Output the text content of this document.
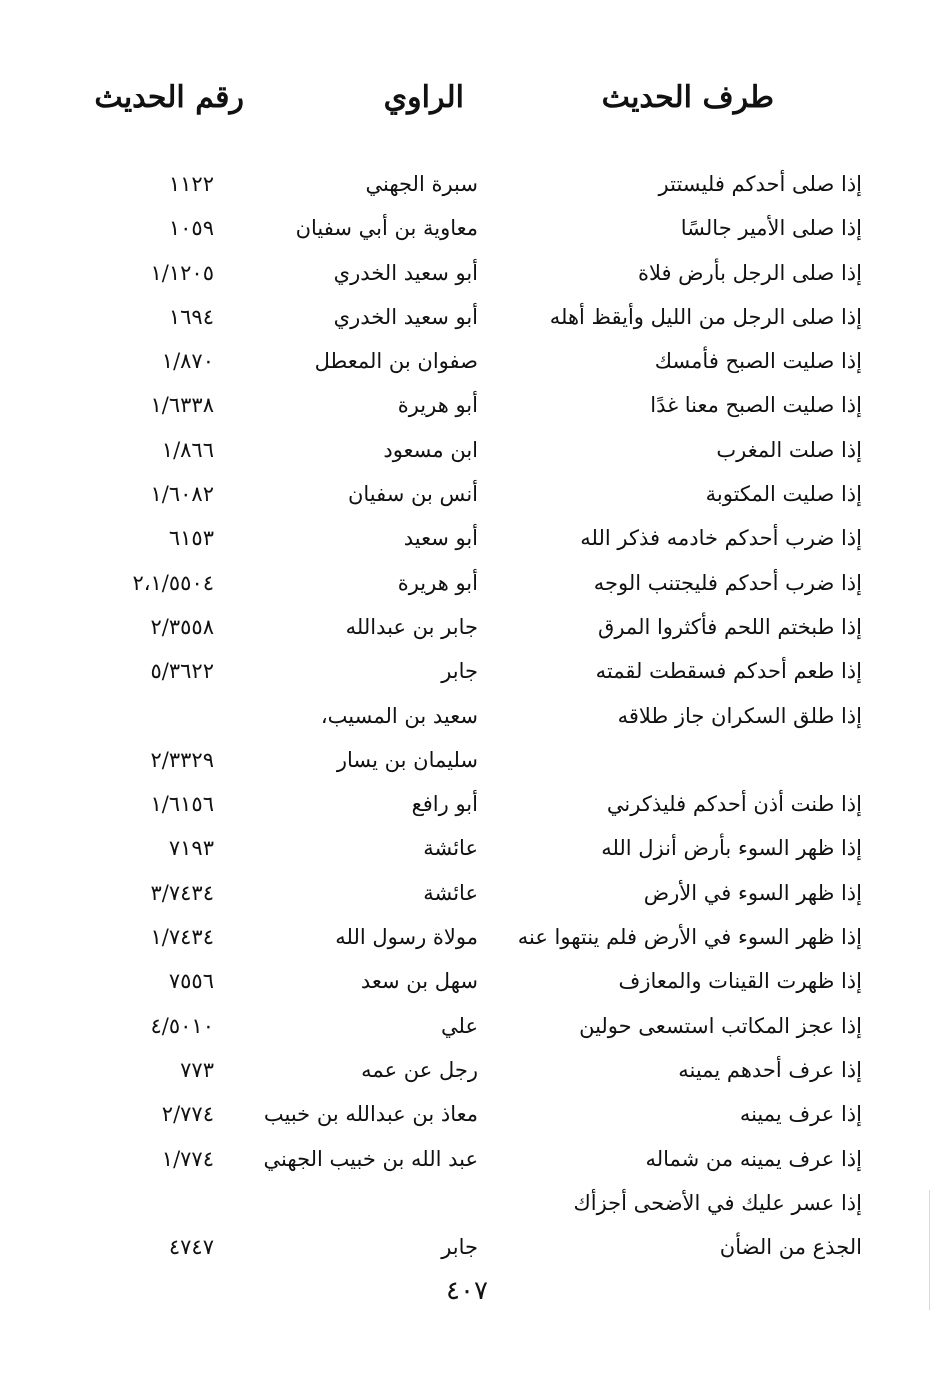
طرف الحديث
الراوي
رقم الحديث
إذا صلى أحدكم فليستتر
سبرة الجهني
١١٢٢
إذا صلى الأمير جالسًا
معاوية بن أبي سفيان
١٠٥٩
إذا صلى الرجل بأرض فلاة
أبو سعيد الخدري
١/١٢٠٥
إذا صلى الرجل من الليل وأيقظ أهله
أبو سعيد الخدري
١٦٩٤
إذا صليت الصبح فأمسك
صفوان بن المعطل
١/٨٧٠
إذا صليت الصبح معنا غدًا
أبو هريرة
١/٦٣٣٨
إذا صلت المغرب
ابن مسعود
١/٨٦٦
إذا صليت المكتوبة
أنس بن سفيان
١/٦٠٨٢
إذا ضرب أحدكم خادمه فذكر الله
أبو سعيد
٦١٥٣
إذا ضرب أحدكم فليجتنب الوجه
أبو هريرة
٢،١/٥٥٠٤
إذا طبختم اللحم فأكثروا المرق
جابر بن عبدالله
٢/٣٥٥٨
إذا طعم أحدكم فسقطت لقمته
جابر
٥/٣٦٢٢
إذا طلق السكران جاز طلاقه
سعيد بن المسيب،
سليمان بن يسار
٢/٣٣٢٩
إذا طنت أذن أحدكم فليذكرني
أبو رافع
١/٦١٥٦
إذا ظهر السوء بأرض أنزل الله
عائشة
٧١٩٣
إذا ظهر السوء في الأرض
عائشة
٣/٧٤٣٤
إذا ظهر السوء في الأرض فلم ينتهوا عنه
مولاة رسول الله
١/٧٤٣٤
إذا ظهرت القينات والمعازف
سهل بن سعد
٧٥٥٦
إذا عجز المكاتب استسعى حولين
علي
٤/٥٠١٠
إذا عرف أحدهم يمينه
رجل عن عمه
٧٧٣
إذا عرف يمينه
معاذ بن عبدالله بن خبيب
٢/٧٧٤
إذا عرف يمينه من شماله
عبد الله بن خبيب الجهني
١/٧٧٤
إذا عسر عليك في الأضحى أجزأك
الجذع من الضأن
جابر
٤٧٤٧
٤٠٧
